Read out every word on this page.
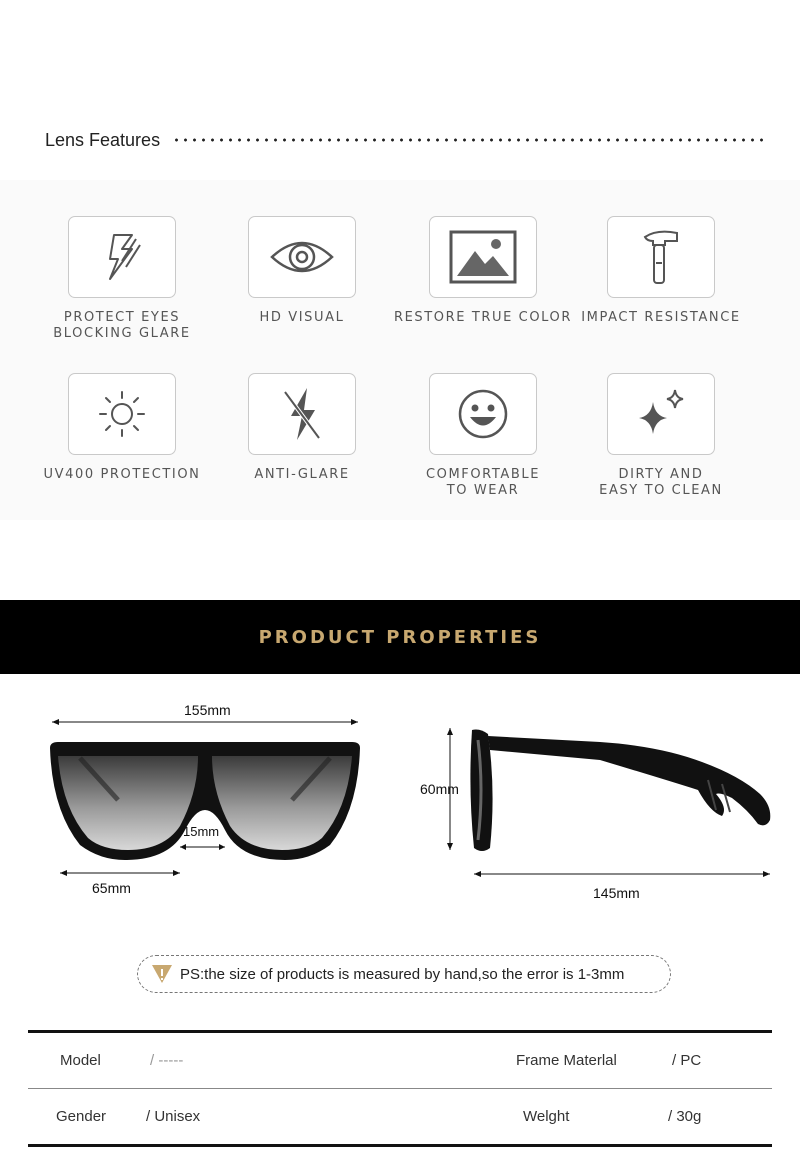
Lens Features
PROTECT EYES
BLOCKING GLARE
HD VISUAL	RESTORE TRUE COLOR IMPACT RESISTANCE
UV400 PROTECTION	ANTI-GLARE	COMFORTABLE
TO WEAR
DIRTY AND
EASY TO CLEAN
PRODUCT PROPERTIES
155mm
15mm
65mm
60mm
145mm
PS:the size of products is measured by hand,so the error is 1-3mm
Model	/ -----	Frame Materlal	/ PC
Gender	/ Unisex	Welght	/ 30g
